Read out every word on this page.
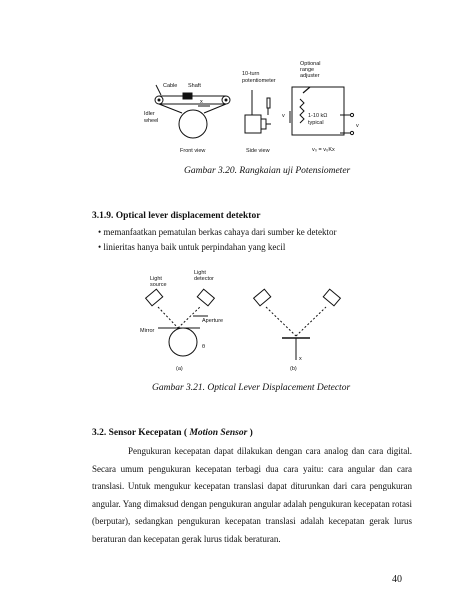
Cable Shaft
x
Idler
wheel
Front view
10-turn
potentiometer
Side view
Optional
range
adjuster
v	1-10 kΩ
typical	v
v₀ = v₀Kx
Gambar 3.20. Rangkaian uji Potensiometer
3.1.9. Optical lever displacement detektor
• memanfaatkan pematulan berkas cahaya dari sumber ke detektor
• linieritas hanya baik untuk perpindahan yang kecil
Light
source
Light
detector
Aperture
Mirror
θ
(a)	(b)
x
Gambar 3.21. Optical Lever Displacement Detector
3.2. Sensor Kecepatan ( Motion Sensor )
Pengukuran kecepatan dapat dilakukan dengan cara analog dan cara digital. Secara umum pengukuran kecepatan terbagi dua cara yaitu: cara angular dan cara translasi. Untuk mengukur kecepatan translasi dapat diturunkan dari cara pengukuran angular. Yang dimaksud dengan pengukuran angular adalah pengukuran kecepatan rotasi (berputar), sedangkan pengukuran kecepatan translasi adalah kecepatan gerak lurus beraturan dan kecepatan gerak lurus tidak beraturan.
40
